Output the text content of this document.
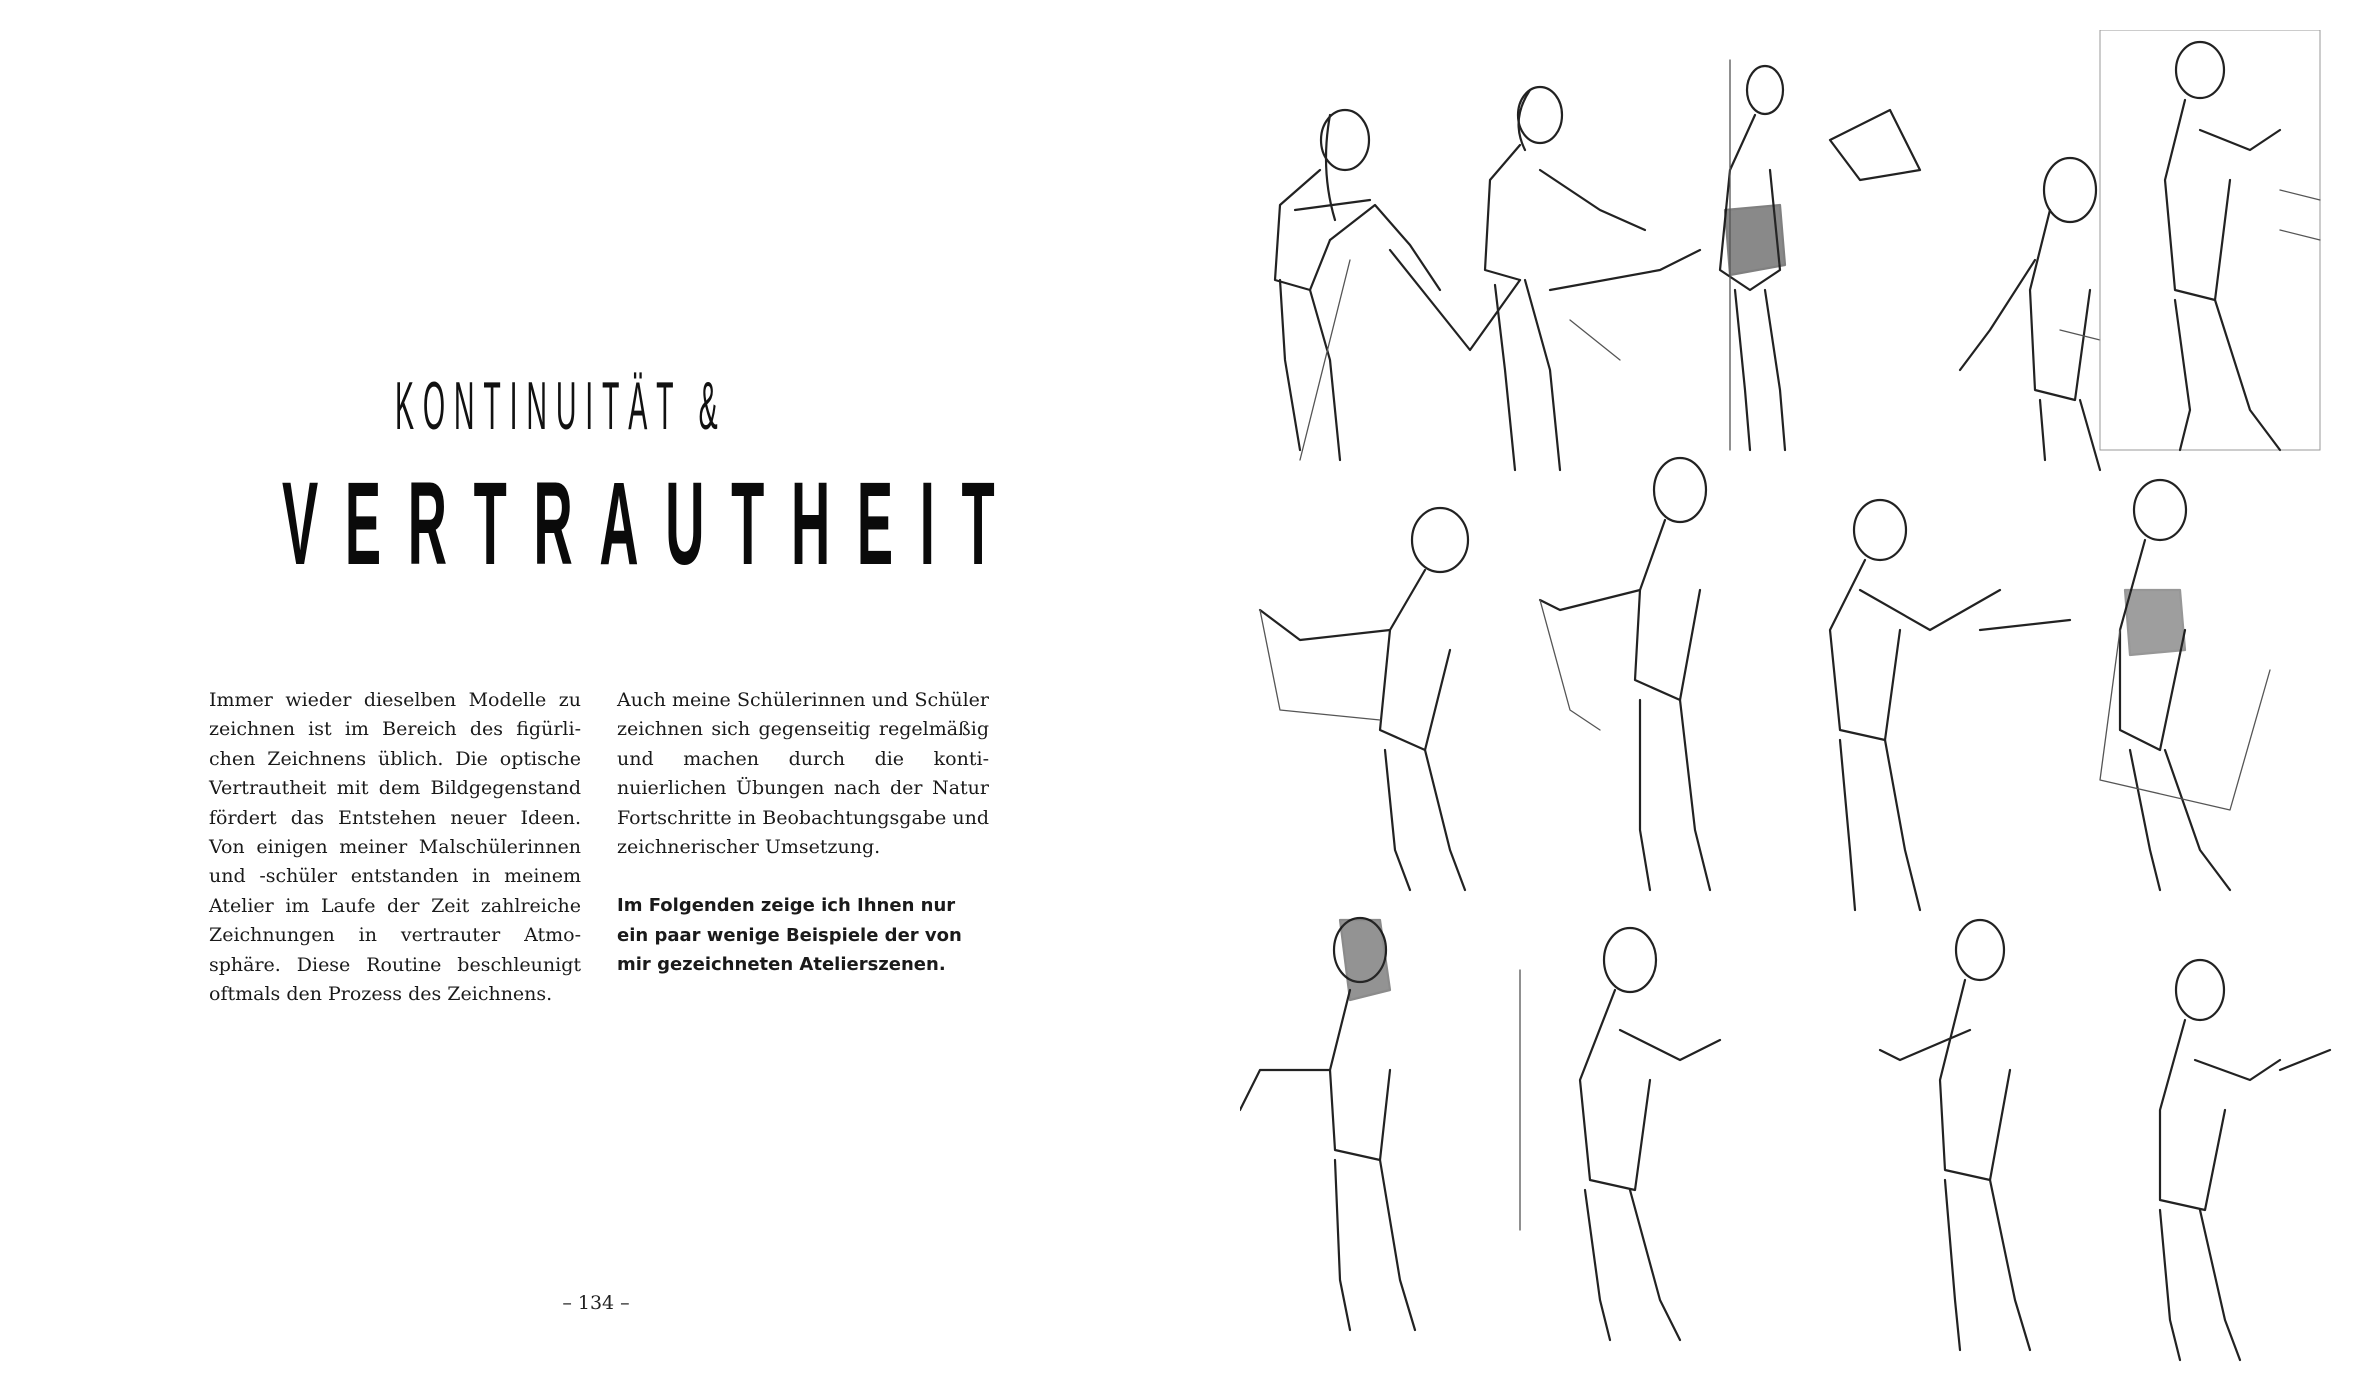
KONTINUITÄT &
VERTRAUTHEIT

Immer wieder dieselben Modelle zu zeichnen ist im Bereich des figürlichen Zeichnens üblich. Die optische Vertrautheit mit dem Bildgegenstand fördert das Entstehen neuer Ideen. Von einigen meiner Malschülerinnen und -schüler entstanden in meinem Atelier im Laufe der Zeit zahlreiche Zeichnungen in vertrauter Atmosphäre. Diese Routine beschleunigt oftmals den Prozess des Zeichnens.

Auch meine Schülerinnen und Schüler zeichnen sich gegenseitig regelmäßig und machen durch die kontinuierlichen Übungen nach der Natur Fortschritte in Beobachtungsgabe und zeichnerischer Umsetzung.

Im Folgenden zeige ich Ihnen nur ein paar wenige Beispiele der von mir gezeichneten Atelierszenen.

– 134 –
